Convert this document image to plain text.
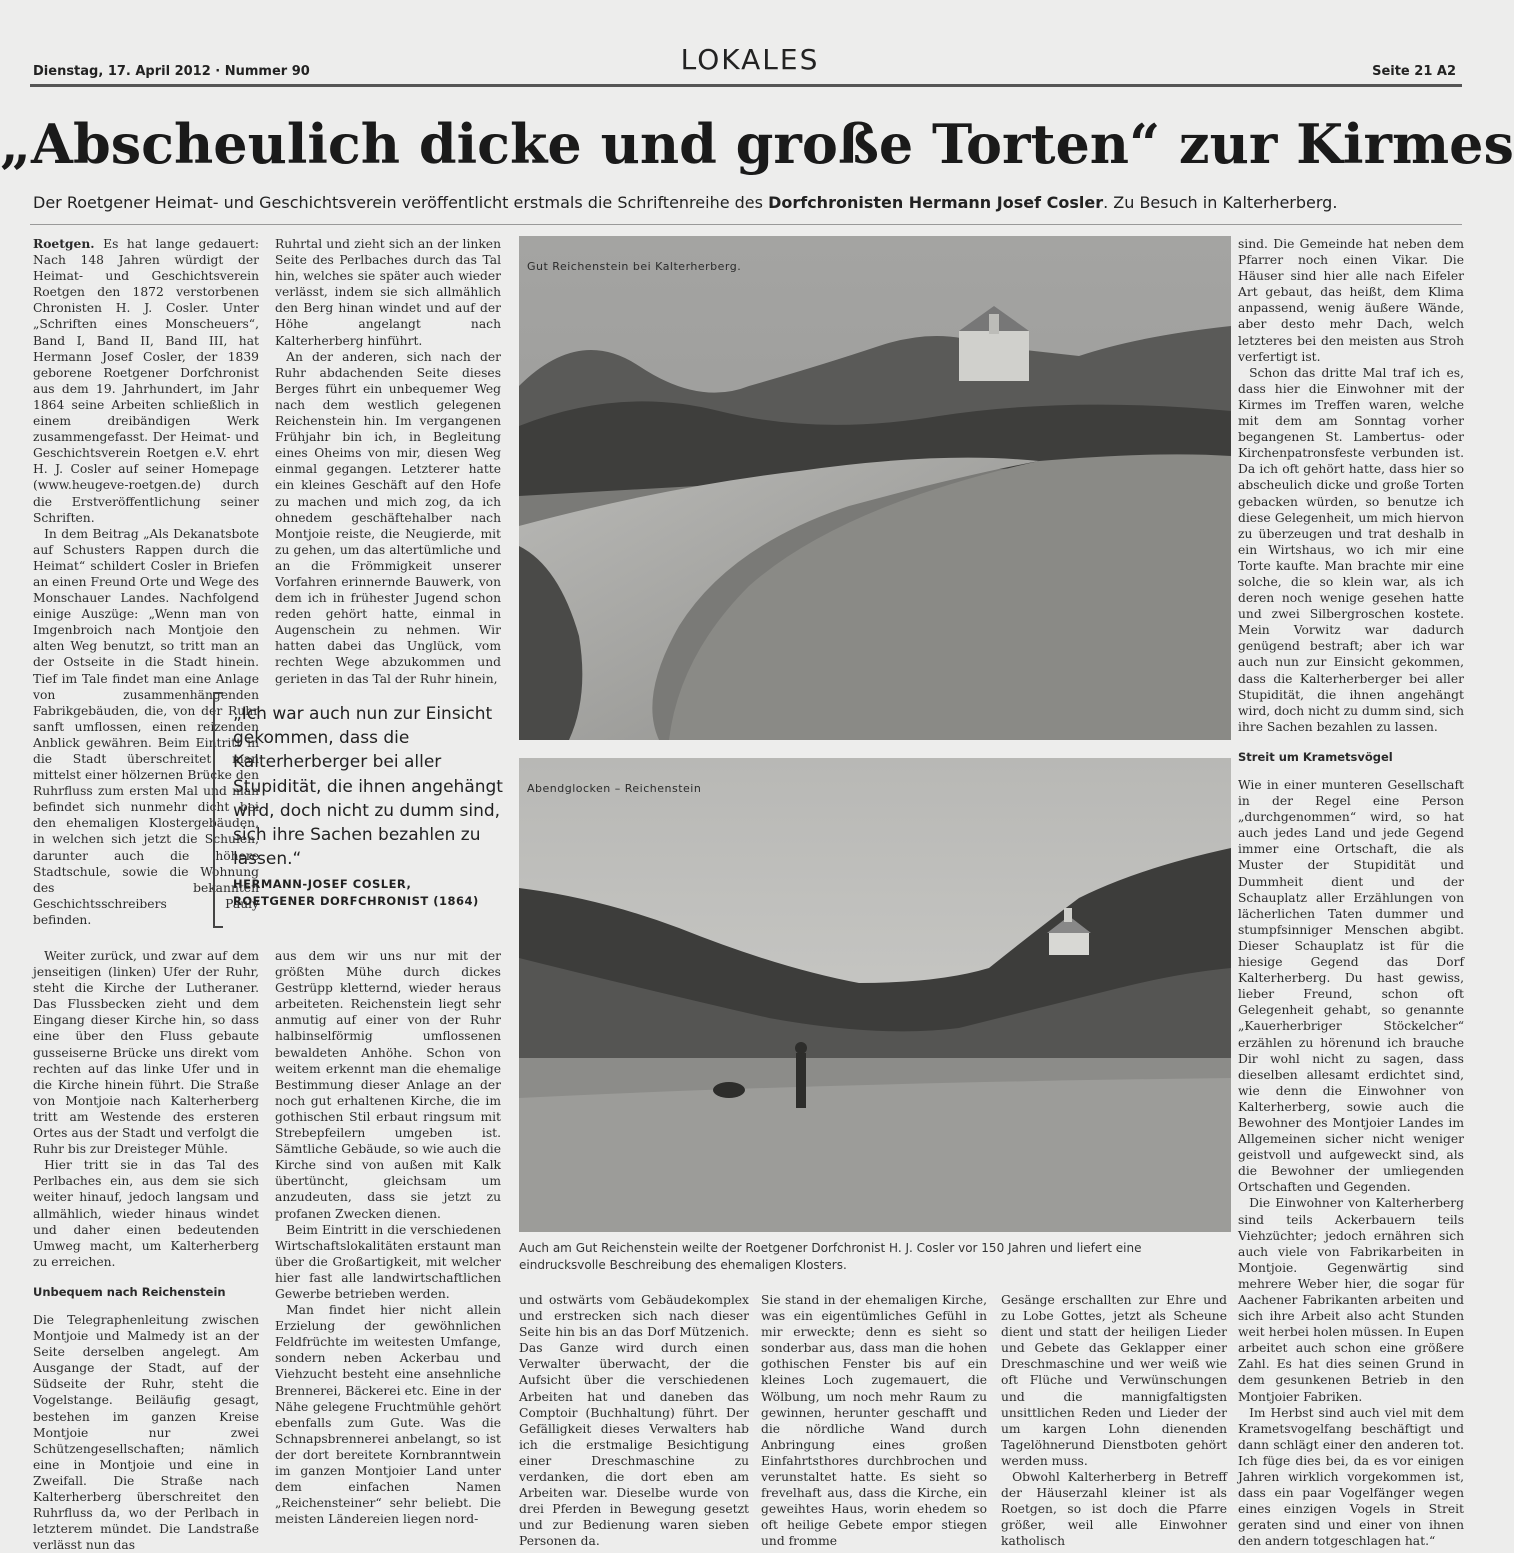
Dienstag, 17. April 2012 · Nummer 90	LOKALES	Seite 21 A2
„Abscheulich dicke und große Torten“ zur Kirmes
Der Roetgener Heimat- und Geschichtsverein veröffentlicht erstmals die Schriftenreihe des Dorfchronisten Hermann Josef Cosler. Zu Besuch in Kalterherberg.

Roetgen. Es hat lange gedauert: Nach 148 Jahren würdigt der Heimat- und Geschichtsverein Roetgen den 1872 verstorbenen Chronisten H. J. Cosler. Unter „Schriften eines Monscheuers“, Band I, Band II, Band III, hat Hermann Josef Cosler, der 1839 geborene Roetgener Dorfchronist aus dem 19. Jahrhundert, im Jahr 1864 seine Arbeiten schließlich in einem dreibändigen Werk zusammengefasst. Der Heimat- und Geschichtsverein Roetgen e.V. ehrt H. J. Cosler auf seiner Homepage (www.heugeve-roetgen.de) durch die Erstveröffentlichung seiner Schriften.

In dem Beitrag „Als Dekanatsbote auf Schusters Rappen durch die Heimat“ schildert Cosler in Briefen an einen Freund Orte und Wege des Monschauer Landes. Nachfolgend einige Auszüge: „Wenn man von Imgenbroich nach Montjoie den alten Weg benutzt, so tritt man an der Ostseite in die Stadt hinein. Tief im Tale findet man eine Anlage von zusammenhängenden Fabrikgebäuden, die, von der Ruhr sanft umflossen, einen reizenden Anblick gewähren. Beim Eintritt in die Stadt überschreitet man mittelst einer hölzernen Brücke den Ruhrfluss zum ersten Mal und man befindet sich nunmehr dicht bei den ehemaligen Klostergebäuden, in welchen sich jetzt die Schulen, darunter auch die höhere Stadtschule, sowie die Wohnung des bekannten Geschichtsschreibers Pauly befinden.

Weiter zurück, und zwar auf dem jenseitigen (linken) Ufer der Ruhr, steht die Kirche der Lutheraner. Das Flussbecken zieht und dem Eingang dieser Kirche hin, so dass eine über den Fluss gebaute gusseiserne Brücke uns direkt vom rechten auf das linke Ufer und in die Kirche hinein führt. Die Straße von Montjoie nach Kalterherberg tritt am Westende des ersteren Ortes aus der Stadt und verfolgt die Ruhr bis zur Dreisteger Mühle.

Hier tritt sie in das Tal des Perlbaches ein, aus dem sie sich weiter hinauf, jedoch langsam und allmählich, wieder hinaus windet und daher einen bedeutenden Umweg macht, um Kalterherberg zu erreichen.

Unbequem nach Reichenstein

Die Telegraphenleitung zwischen Montjoie und Malmedy ist an der Seite derselben angelegt. Am Ausgange der Stadt, auf der Südseite der Ruhr, steht die Vogelstange. Beiläufig gesagt, bestehen im ganzen Kreise Montjoie nur zwei Schützengesellschaften; nämlich eine in Montjoie und eine in Zweifall. Die Straße nach Kalterherberg überschreitet den Ruhrfluss da, wo der Perlbach in letzterem mündet. Die Landstraße verlässt nun das

Ruhrtal und zieht sich an der linken Seite des Perlbaches durch das Tal hin, welches sie später auch wieder verlässt, indem sie sich allmählich den Berg hinan windet und auf der Höhe angelangt nach Kalterherberg hinführt.

An der anderen, sich nach der Ruhr abdachenden Seite dieses Berges führt ein unbequemer Weg nach dem westlich gelegenen Reichenstein hin. Im vergangenen Frühjahr bin ich, in Begleitung eines Oheims von mir, diesen Weg einmal gegangen. Letzterer hatte ein kleines Geschäft auf den Hofe zu machen und mich zog, da ich ohnedem geschäftehalber nach Montjoie reiste, die Neugierde, mit zu gehen, um das altertümliche und an die Frömmigkeit unserer Vorfahren erinnernde Bauwerk, von dem ich in frühester Jugend schon reden gehört hatte, einmal in Augenschein zu nehmen. Wir hatten dabei das Unglück, vom rechten Wege abzukommen und gerieten in das Tal der Ruhr hinein,

„Ich war auch nun zur Einsicht gekommen, dass die Kalterherberger bei aller Stupidität, die ihnen angehängt wird, doch nicht zu dumm sind, sich ihre Sachen bezahlen zu lassen.“
HERMANN-JOSEF COSLER,
ROETGENER DORFCHRONIST (1864)

aus dem wir uns nur mit der größten Mühe durch dickes Gestrüpp kletternd, wieder heraus arbeiteten. Reichenstein liegt sehr anmutig auf einer von der Ruhr halbinselförmig umflossenen bewaldeten Anhöhe. Schon von weitem erkennt man die ehemalige Bestimmung dieser Anlage an der noch gut erhaltenen Kirche, die im gothischen Stil erbaut ringsum mit Strebepfeilern umgeben ist. Sämtliche Gebäude, so wie auch die Kirche sind von außen mit Kalk übertüncht, gleichsam um anzudeuten, dass sie jetzt zu profanen Zwecken dienen.

Beim Eintritt in die verschiedenen Wirtschaftslokalitäten erstaunt man über die Großartigkeit, mit welcher hier fast alle landwirtschaftlichen Gewerbe betrieben werden.

Man findet hier nicht allein Erzielung der gewöhnlichen Feldfrüchte im weitesten Umfange, sondern neben Ackerbau und Viehzucht besteht eine ansehnliche Brennerei, Bäckerei etc. Eine in der Nähe gelegene Fruchtmühle gehört ebenfalls zum Gute. Was die Schnapsbrennerei anbelangt, so ist der dort bereitete Kornbranntwein im ganzen Montjoier Land unter dem einfachen Namen „Reichensteiner“ sehr beliebt. Die meisten Ländereien liegen nord-

Gut Reichenstein bei Kalterherberg.
Abendglocken – Reichenstein
Auch am Gut Reichenstein weilte der Roetgener Dorfchronist H. J. Cosler vor 150 Jahren und liefert eine eindrucksvolle Beschreibung des ehemaligen Klosters.

und ostwärts vom Gebäudekomplex und erstrecken sich nach dieser Seite hin bis an das Dorf Mützenich. Das Ganze wird durch einen Verwalter überwacht, der die Aufsicht über die verschiedenen Arbeiten hat und daneben das Comptoir (Buchhaltung) führt. Der Gefälligkeit dieses Verwalters hab ich die erstmalige Besichtigung einer Dreschmaschine zu verdanken, die dort eben am Arbeiten war. Dieselbe wurde von drei Pferden in Bewegung gesetzt und zur Bedienung waren sieben Personen da.

Sie stand in der ehemaligen Kirche, was ein eigentümliches Gefühl in mir erweckte; denn es sieht so sonderbar aus, dass man die hohen gothischen Fenster bis auf ein kleines Loch zugemauert, die Wölbung, um noch mehr Raum zu gewinnen, herunter geschafft und die nördliche Wand durch Anbringung eines großen Einfahrtsthores durchbrochen und verunstaltet hatte. Es sieht so frevelhaft aus, dass die Kirche, ein geweihtes Haus, worin ehedem so oft heilige Gebete empor stiegen und fromme

Gesänge erschallten zur Ehre und zu Lobe Gottes, jetzt als Scheune dient und statt der heiligen Lieder und Gebete das Geklapper einer Dreschmaschine und wer weiß wie oft Flüche und Verwünschungen und die mannigfaltigsten unsittlichen Reden und Lieder der um kargen Lohn dienenden Tagelöhnerund Dienstboten gehört werden muss.

Obwohl Kalterherberg in Betreff der Häuserzahl kleiner ist als Roetgen, so ist doch die Pfarre größer, weil alle Einwohner katholisch

sind. Die Gemeinde hat neben dem Pfarrer noch einen Vikar. Die Häuser sind hier alle nach Eifeler Art gebaut, das heißt, dem Klima anpassend, wenig äußere Wände, aber desto mehr Dach, welch letzteres bei den meisten aus Stroh verfertigt ist.

Schon das dritte Mal traf ich es, dass hier die Einwohner mit der Kirmes im Treffen waren, welche mit dem am Sonntag vorher begangenen St. Lambertus- oder Kirchenpatronsfeste verbunden ist. Da ich oft gehört hatte, dass hier so abscheulich dicke und große Torten gebacken würden, so benutze ich diese Gelegenheit, um mich hiervon zu überzeugen und trat deshalb in ein Wirtshaus, wo ich mir eine Torte kaufte. Man brachte mir eine solche, die so klein war, als ich deren noch wenige gesehen hatte und zwei Silbergroschen kostete. Mein Vorwitz war dadurch genügend bestraft; aber ich war auch nun zur Einsicht gekommen, dass die Kalterherberger bei aller Stupidität, die ihnen angehängt wird, doch nicht zu dumm sind, sich ihre Sachen bezahlen zu lassen.

Streit um Krametsvögel

Wie in einer munteren Gesellschaft in der Regel eine Person „durchgenommen“ wird, so hat auch jedes Land und jede Gegend immer eine Ortschaft, die als Muster der Stupidität und Dummheit dient und der Schauplatz aller Erzählungen von lächerlichen Taten dummer und stumpfsinniger Menschen abgibt. Dieser Schauplatz ist für die hiesige Gegend das Dorf Kalterherberg. Du hast gewiss, lieber Freund, schon oft Gelegenheit gehabt, so genannte „Kauerherbriger Stöckelcher“ erzählen zu hörenund ich brauche Dir wohl nicht zu sagen, dass dieselben allesamt erdichtet sind, wie denn die Einwohner von Kalterherberg, sowie auch die Bewohner des Montjoier Landes im Allgemeinen sicher nicht weniger geistvoll und aufgeweckt sind, als die Bewohner der umliegenden Ortschaften und Gegenden.

Die Einwohner von Kalterherberg sind teils Ackerbauern teils Viehzüchter; jedoch ernähren sich auch viele von Fabrikarbeiten in Montjoie. Gegenwärtig sind mehrere Weber hier, die sogar für Aachener Fabrikanten arbeiten und sich ihre Arbeit also acht Stunden weit herbei holen müssen. In Eupen arbeitet auch schon eine größere Zahl. Es hat dies seinen Grund in dem gesunkenen Betrieb in den Montjoier Fabriken.

Im Herbst sind auch viel mit dem Krametsvogelfang beschäftigt und dann schlägt einer den anderen tot. Ich füge dies bei, da es vor einigen Jahren wirklich vorgekommen ist, dass ein paar Vogelfänger wegen eines einzigen Vogels in Streit geraten sind und einer von ihnen den andern totgeschlagen hat.“
